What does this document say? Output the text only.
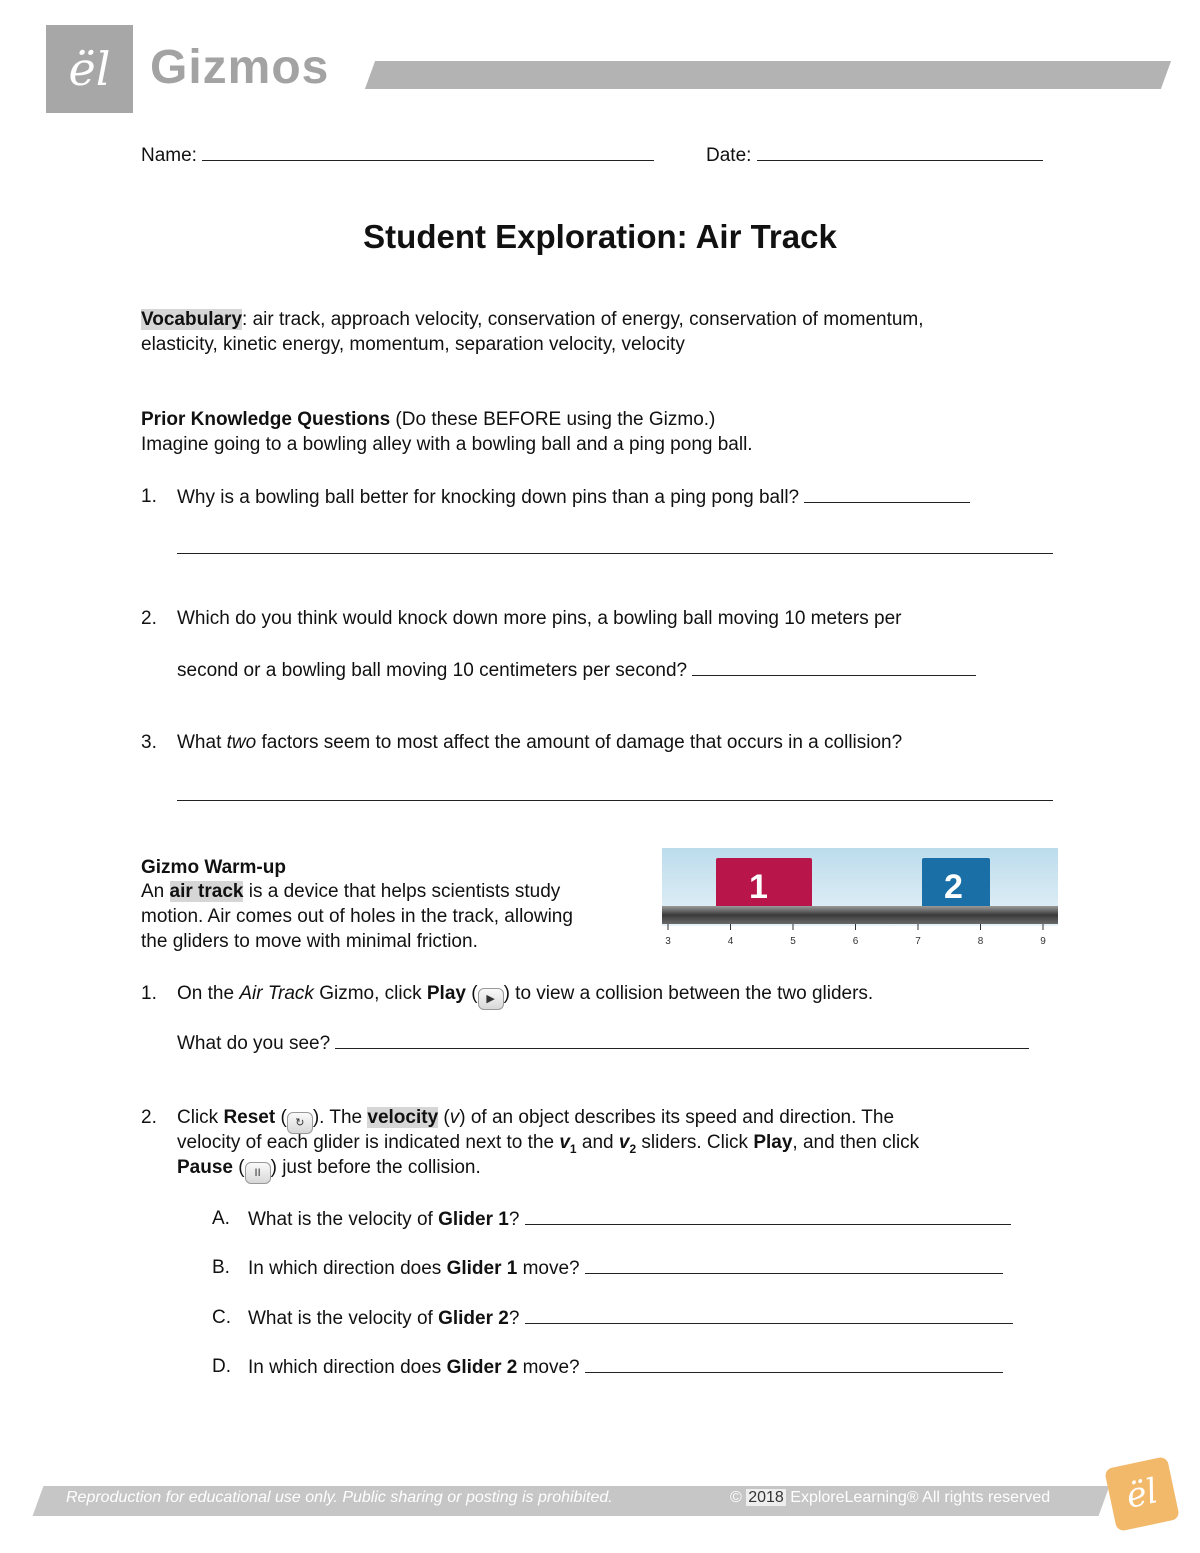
ël Gizmos
Name:	Date:
Student Exploration: Air Track
Vocabulary: air track, approach velocity, conservation of energy, conservation of momentum,
elasticity, kinetic energy, momentum, separation velocity, velocity
Prior Knowledge Questions (Do these BEFORE using the Gizmo.)
Imagine going to a bowling alley with a bowling ball and a ping pong ball.
1. Why is a bowling ball better for knocking down pins than a ping pong ball?
2. Which do you think would knock down more pins, a bowling ball moving 10 meters per
second or a bowling ball moving 10 centimeters per second?
3. What two factors seem to most affect the amount of damage that occurs in a collision?
Gizmo Warm-up
An air track is a device that helps scientists study
motion. Air comes out of holes in the track, allowing
the gliders to move with minimal friction.
1	2
3	4	5	6	7	8	9
1. On the Air Track Gizmo, click Play ( ▶ ) to view a collision between the two gliders.
What do you see?
2. Click Reset ( ↻ ). The velocity (v) of an object describes its speed and direction. The
velocity of each glider is indicated next to the $v_1$ and $v_2$ sliders. Click Play, and then click
Pause ( II ) just before the collision.
A. What is the velocity of Glider 1?
B. In which direction does Glider 1 move?
C. What is the velocity of Glider 2?
D. In which direction does Glider 2 move?
Reproduction for educational use only. Public sharing or posting is prohibited.	© 2018 ExploreLearning® All rights reserved	ël
